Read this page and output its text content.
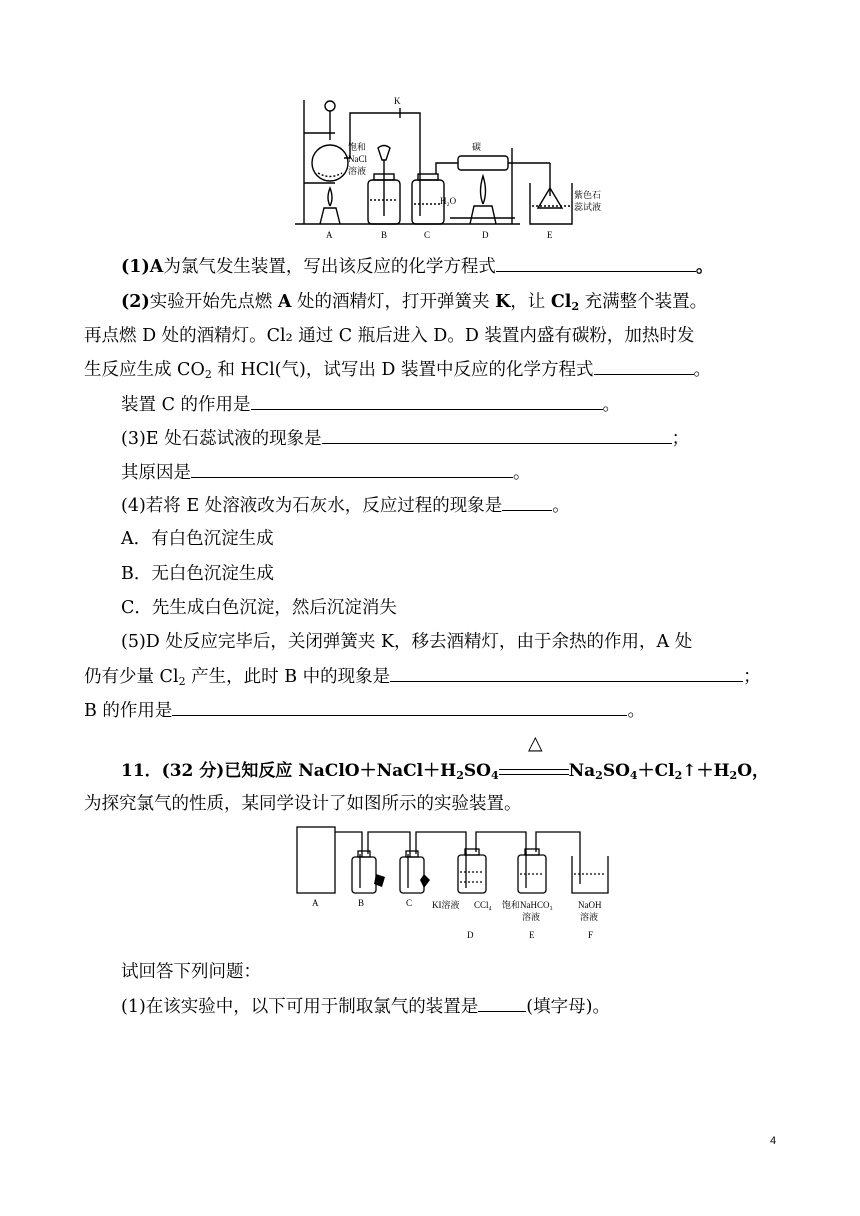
K
饱和
NaCl
溶液
碳
H₂O
紫色石
蕊试液
A	B	C	D	E
(1)A为氯气发生装置，写出该反应的化学方程式	。
(2)实验开始先点燃 A 处的酒精灯，打开弹簧夹 K，让 $Cl_2$ 充满整个装置。
再点燃 D 处的酒精灯。Cl₂ 通过 C 瓶后进入 D。D 装置内盛有碳粉，加热时发
生反应生成 $CO_2$ 和 HCl(气)，试写出 D 装置中反应的化学方程式	。
装置 C 的作用是	。
(3)E 处石蕊试液的现象是	；
其原因是	。
(4)若将 E 处溶液改为石灰水，反应过程的现象是	。
A．有白色沉淀生成
B．无白色沉淀生成
C．先生成白色沉淀，然后沉淀消失
(5)D 处反应完毕后，关闭弹簧夹 K，移去酒精灯，由于余热的作用，A 处
仍有少量 $Cl_2$ 产生，此时 B 中的现象是	；
B 的作用是	。
△
11．(32 分)已知反应 $NaClO+NaCl+H_2SO_4$	$Na_2SO_4+Cl_2↑+H_2O$，
为探究氯气的性质，某同学设计了如图所示的实验装置。
A	B	C KI溶液 CCl₄ 饱和NaHCO₃
溶液
NaOH
溶液
D	E	F
试回答下列问题：
(1)在该实验中，以下可用于制取氯气的装置是	(填字母)。
4
